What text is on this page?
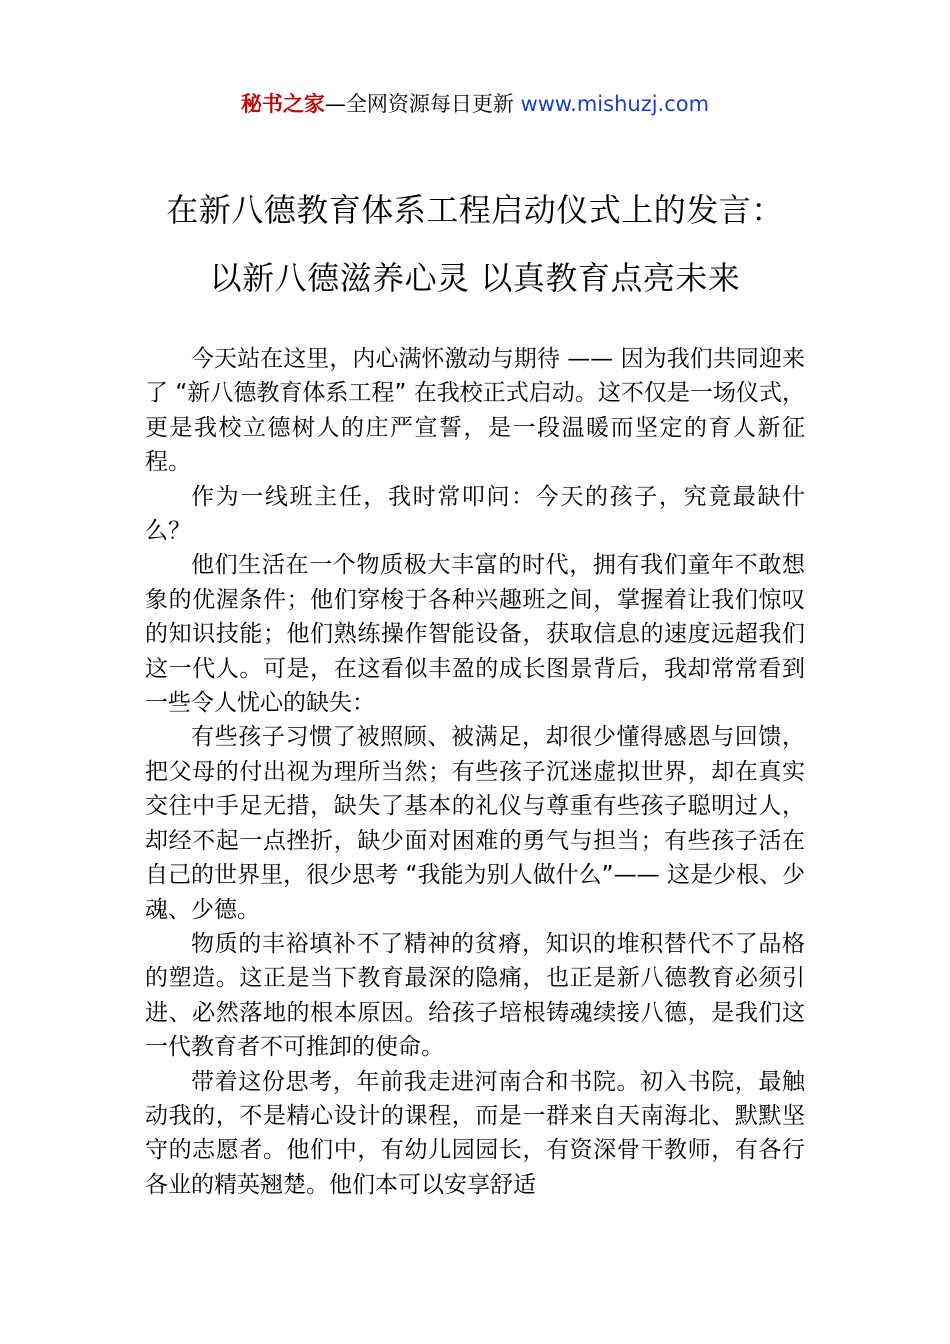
秘书之家—全网资源每日更新 www.mishuzj.com
在新八德教育体系工程启动仪式上的发言：
以新八德滋养心灵 以真教育点亮未来

今天站在这里，内心满怀激动与期待 —— 因为我们共同迎来了 “新八德教育体系工程” 在我校正式启动。这不仅是一场仪式，更是我校立德树人的庄严宣誓，是一段温暖而坚定的育人新征程。

作为一线班主任，我时常叩问：今天的孩子，究竟最缺什么？

他们生活在一个物质极大丰富的时代，拥有我们童年不敢想象的优渥条件；他们穿梭于各种兴趣班之间，掌握着让我们惊叹的知识技能；他们熟练操作智能设备，获取信息的速度远超我们这一代人。可是，在这看似丰盈的成长图景背后，我却常常看到一些令人忧心的缺失：

有些孩子习惯了被照顾、被满足，却很少懂得感恩与回馈，把父母的付出视为理所当然；有些孩子沉迷虚拟世界，却在真实交往中手足无措，缺失了基本的礼仪与尊重有些孩子聪明过人，却经不起一点挫折，缺少面对困难的勇气与担当；有些孩子活在自己的世界里，很少思考 “我能为别人做什么”—— 这是少根、少魂、少德。

物质的丰裕填补不了精神的贫瘠，知识的堆积替代不了品格的塑造。这正是当下教育最深的隐痛，也正是新八德教育必须引进、必然落地的根本原因。给孩子培根铸魂续接八德，是我们这一代教育者不可推卸的使命。

带着这份思考，年前我走进河南合和书院。初入书院，最触动我的，不是精心设计的课程，而是一群来自天南海北、默默坚守的志愿者。他们中，有幼儿园园长，有资深骨干教师，有各行各业的精英翘楚。他们本可以安享舒适
